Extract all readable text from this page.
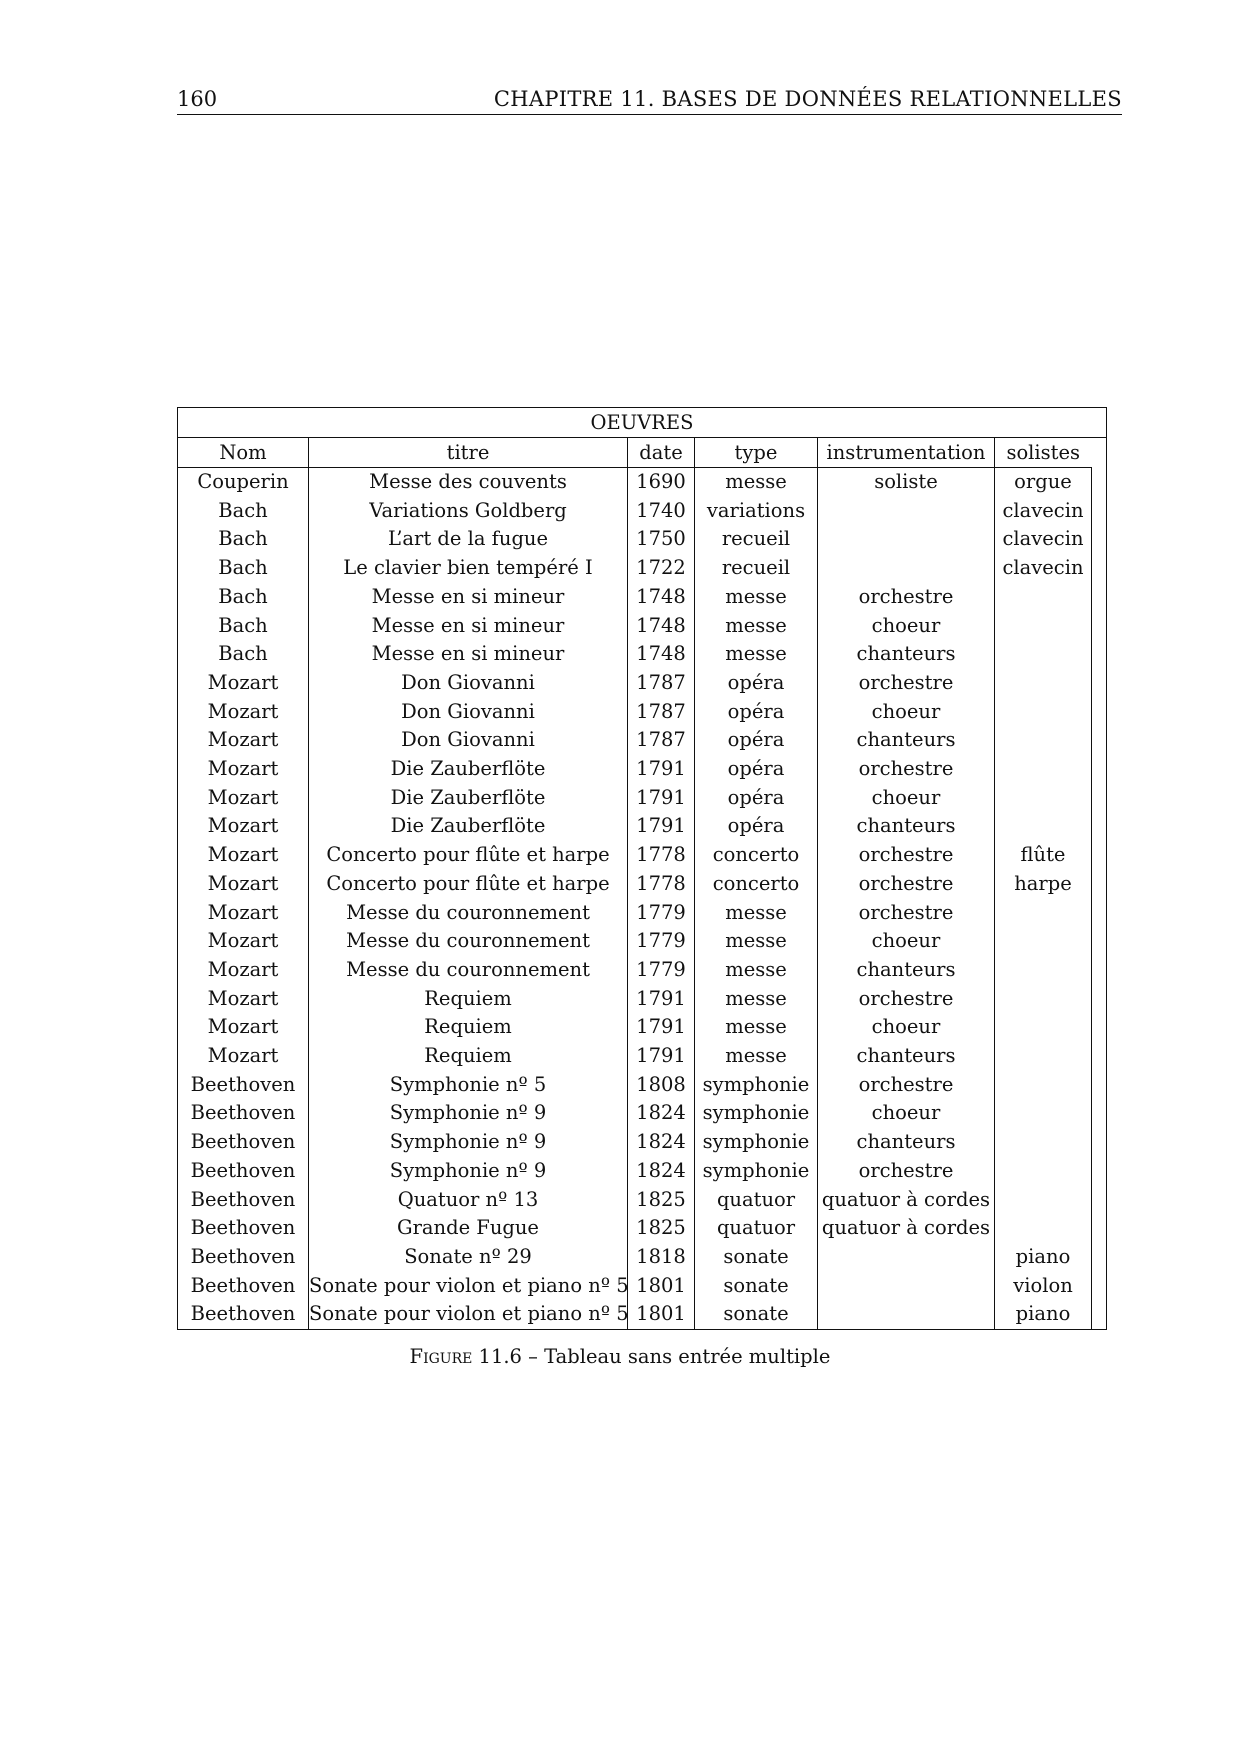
160	CHAPITRE 11. BASES DE DONNÉES RELATIONNELLES
OEUVRES						
Nom	titre	date	type	instrumentation	solistes	
Couperin	Messe des couvents	1690	messe	soliste	orgue	
Bach	Variations Goldberg	1740	variations		clavecin	
Bach	L’art de la fugue	1750	recueil		clavecin	
Bach	Le clavier bien tempéré I	1722	recueil		clavecin	
Bach	Messe en si mineur	1748	messe	orchestre		
Bach	Messe en si mineur	1748	messe	choeur		
Bach	Messe en si mineur	1748	messe	chanteurs		
Mozart	Don Giovanni	1787	opéra	orchestre		
Mozart	Don Giovanni	1787	opéra	choeur		
Mozart	Don Giovanni	1787	opéra	chanteurs		
Mozart	Die Zauberflöte	1791	opéra	orchestre		
Mozart	Die Zauberflöte	1791	opéra	choeur		
Mozart	Die Zauberflöte	1791	opéra	chanteurs		
Mozart	Concerto pour flûte et harpe	1778	concerto	orchestre	flûte	
Mozart	Concerto pour flûte et harpe	1778	concerto	orchestre	harpe	
Mozart	Messe du couronnement	1779	messe	orchestre		
Mozart	Messe du couronnement	1779	messe	choeur		
Mozart	Messe du couronnement	1779	messe	chanteurs		
Mozart	Requiem	1791	messe	orchestre		
Mozart	Requiem	1791	messe	choeur		
Mozart	Requiem	1791	messe	chanteurs		
Beethoven	Symphonie nº 5	1808	symphonie	orchestre		
Beethoven	Symphonie nº 9	1824	symphonie	choeur		
Beethoven	Symphonie nº 9	1824	symphonie	chanteurs		
Beethoven	Symphonie nº 9	1824	symphonie	orchestre		
Beethoven	Quatuor nº 13	1825	quatuor	quatuor à cordes		
Beethoven	Grande Fugue	1825	quatuor	quatuor à cordes		
Beethoven	Sonate nº 29	1818	sonate		piano	
Beethoven	Sonate pour violon et piano nº 5	1801	sonate		violon	
Beethoven	Sonate pour violon et piano nº 5	1801	sonate		piano	
Figure 11.6 – Tableau sans entrée multiple
